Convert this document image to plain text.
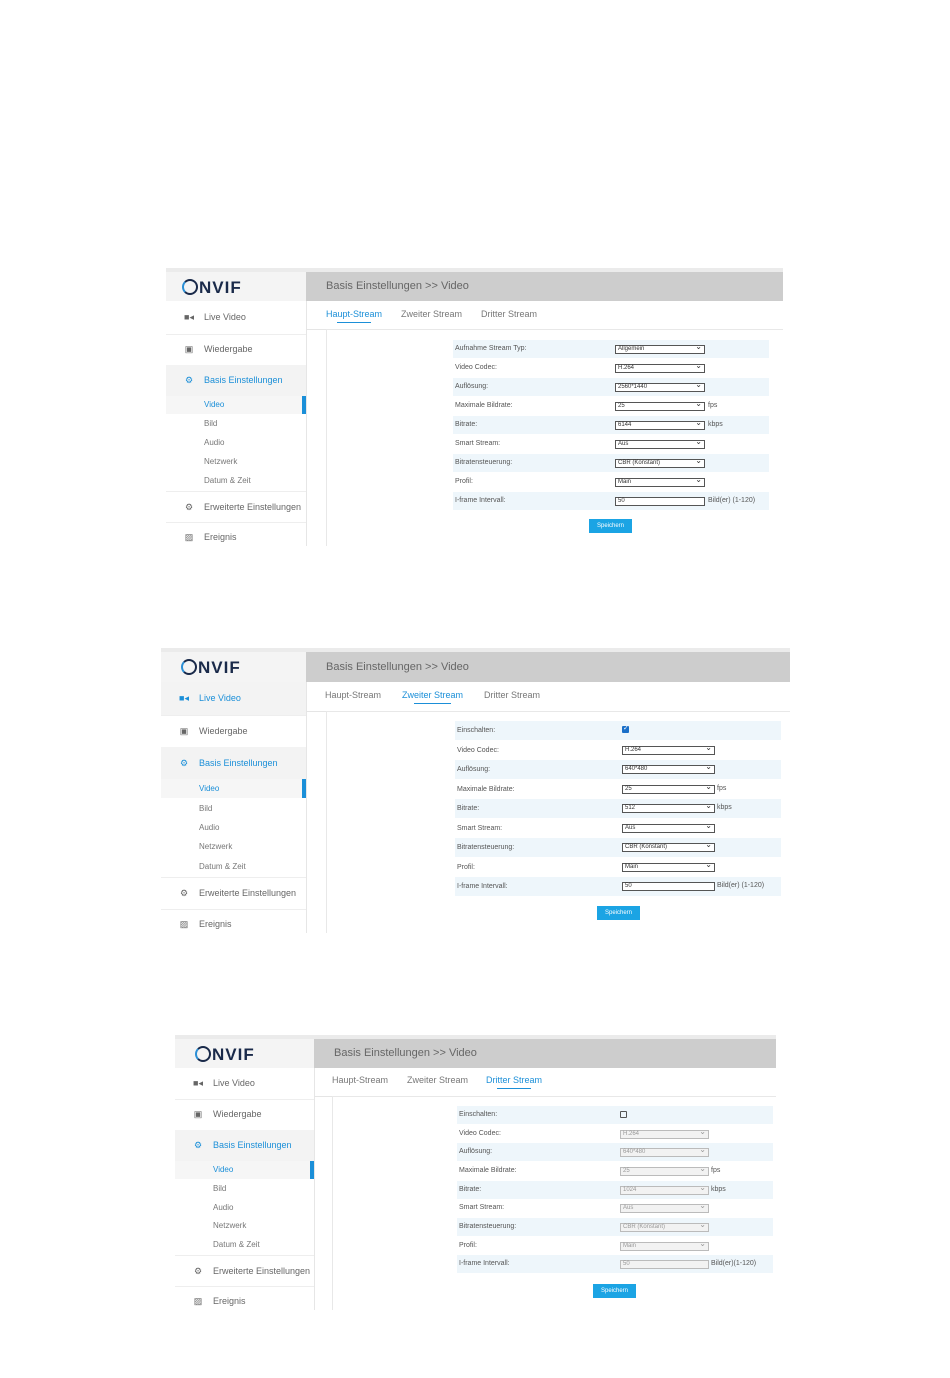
NVIF	Basis Einstellungen >> Video
■◂ Live Video
▣ Wiedergabe
⚙ Basis Einstellungen
Video
Bild
Audio
Netzwerk
Datum & Zeit
⚙ Erweiterte Einstellungen
▨ Ereignis
Haupt-Stream Zweiter Stream Dritter Stream
Aufnahme Stream Typ:	Allgemein ⌄
Video Codec:	H.264 ⌄
Auflösung:	2560*1440 ⌄
Maximale Bildrate:	25 ⌄	fps
Bitrate:	6144 ⌄	kbps
Smart Stream:	Aus ⌄
Bitratensteuerung:	CBR (Konstant) ⌄
Profil:	Main ⌄
I-frame Intervall:	50	Bild(er) (1-120)
Speichern
NVIF	Basis Einstellungen >> Video
■◂ Live Video
▣ Wiedergabe
⚙ Basis Einstellungen
Video
Bild
Audio
Netzwerk
Datum & Zeit
⚙ Erweiterte Einstellungen
▨ Ereignis
Haupt-Stream Zweiter Stream Dritter Stream
Einschalten:
✓
Video Codec:	H.264 ⌄
Auflösung:	640*480 ⌄
Maximale Bildrate:	25 ⌄	fps
Bitrate:	512 ⌄	kbps
Smart Stream:	Aus ⌄
Bitratensteuerung:	CBR (Konstant) ⌄
Profil:	Main ⌄
I-frame Intervall:	50	Bild(er) (1-120)
Speichern
NVIF	Basis Einstellungen >> Video
■◂ Live Video
▣ Wiedergabe
⚙ Basis Einstellungen
Video
Bild
Audio
Netzwerk
Datum & Zeit
⚙ Erweiterte Einstellungen
▨ Ereignis
Haupt-Stream Zweiter Stream Dritter Stream
Einschalten:
Video Codec:	H.264 ⌄
Auflösung:	640*480 ⌄
Maximale Bildrate:	25 ⌄	fps
Bitrate:	1024 ⌄	kbps
Smart Stream:	Aus ⌄
Bitratensteuerung:	CBR (Konstant) ⌄
Profil:	Main ⌄
I-frame Intervall:	50	Bild(er)(1-120)
Speichern
